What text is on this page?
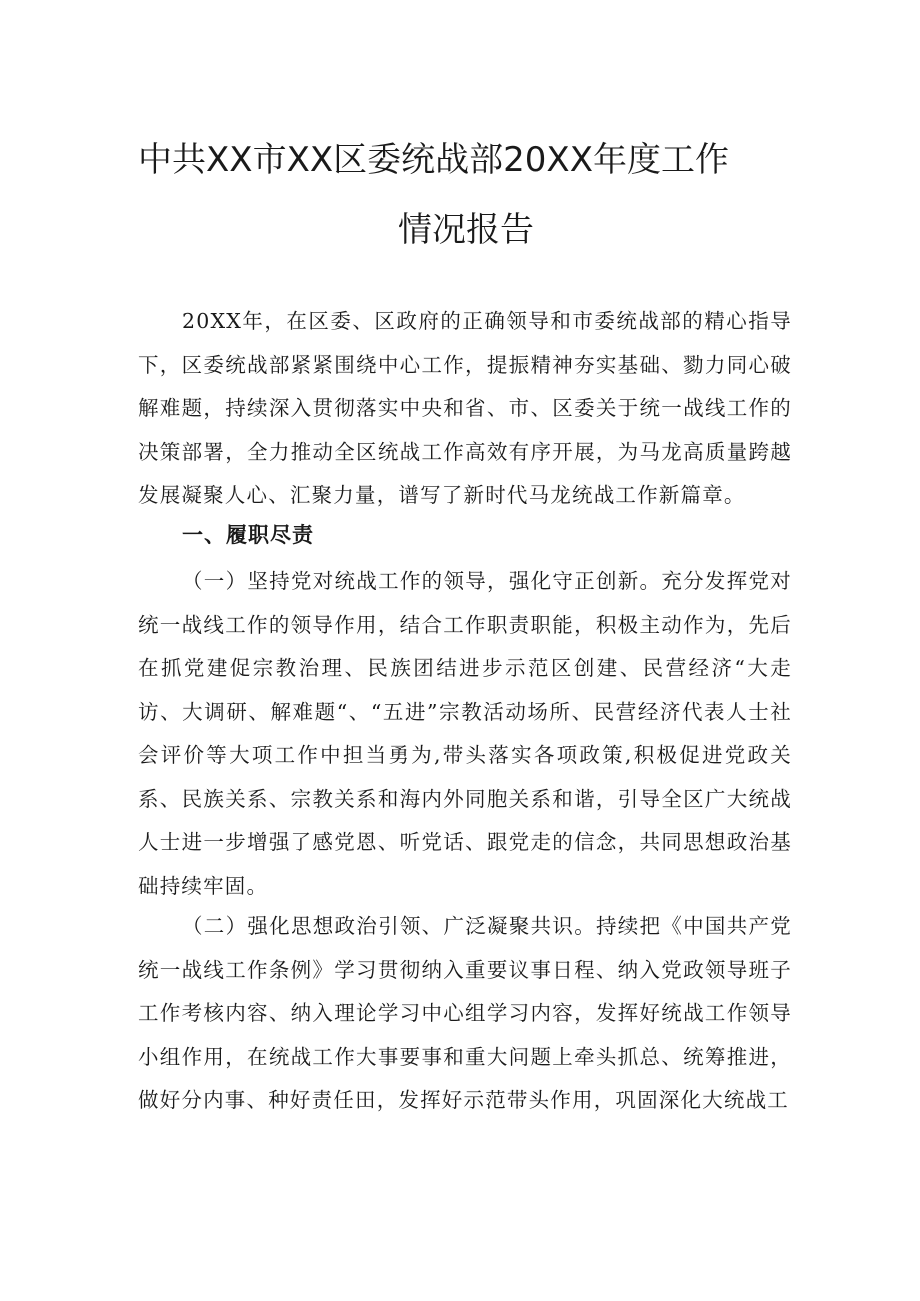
中共XX市XX区委统战部20XX年度工作
情况报告
20XX年，在区委、区政府的正确领导和市委统战部的精心指导下，区委统战部紧紧围绕中心工作，提振精神夯实基础、勠力同心破解难题，持续深入贯彻落实中央和省、市、区委关于统一战线工作的决策部署，全力推动全区统战工作高效有序开展，为马龙高质量跨越发展凝聚人心、汇聚力量，谱写了新时代马龙统战工作新篇章。
一、履职尽责
（一）坚持党对统战工作的领导，强化守正创新。充分发挥党对统一战线工作的领导作用，结合工作职责职能，积极主动作为，先后在抓党建促宗教治理、民族团结进步示范区创建、民营经济“大走访、大调研、解难题“、“五进”宗教活动场所、民营经济代表人士社会评价等大项工作中担当勇为,带头落实各项政策,积极促进党政关系、民族关系、宗教关系和海内外同胞关系和谐，引导全区广大统战人士进一步增强了感党恩、听党话、跟党走的信念，共同思想政治基础持续牢固。
（二）强化思想政治引领、广泛凝聚共识。持续把《中国共产党统一战线工作条例》学习贯彻纳入重要议事日程、纳入党政领导班子工作考核内容、纳入理论学习中心组学习内容，发挥好统战工作领导小组作用，在统战工作大事要事和重大问题上牵头抓总、统筹推进，做好分内事、种好责任田，发挥好示范带头作用，巩固深化大统战工
